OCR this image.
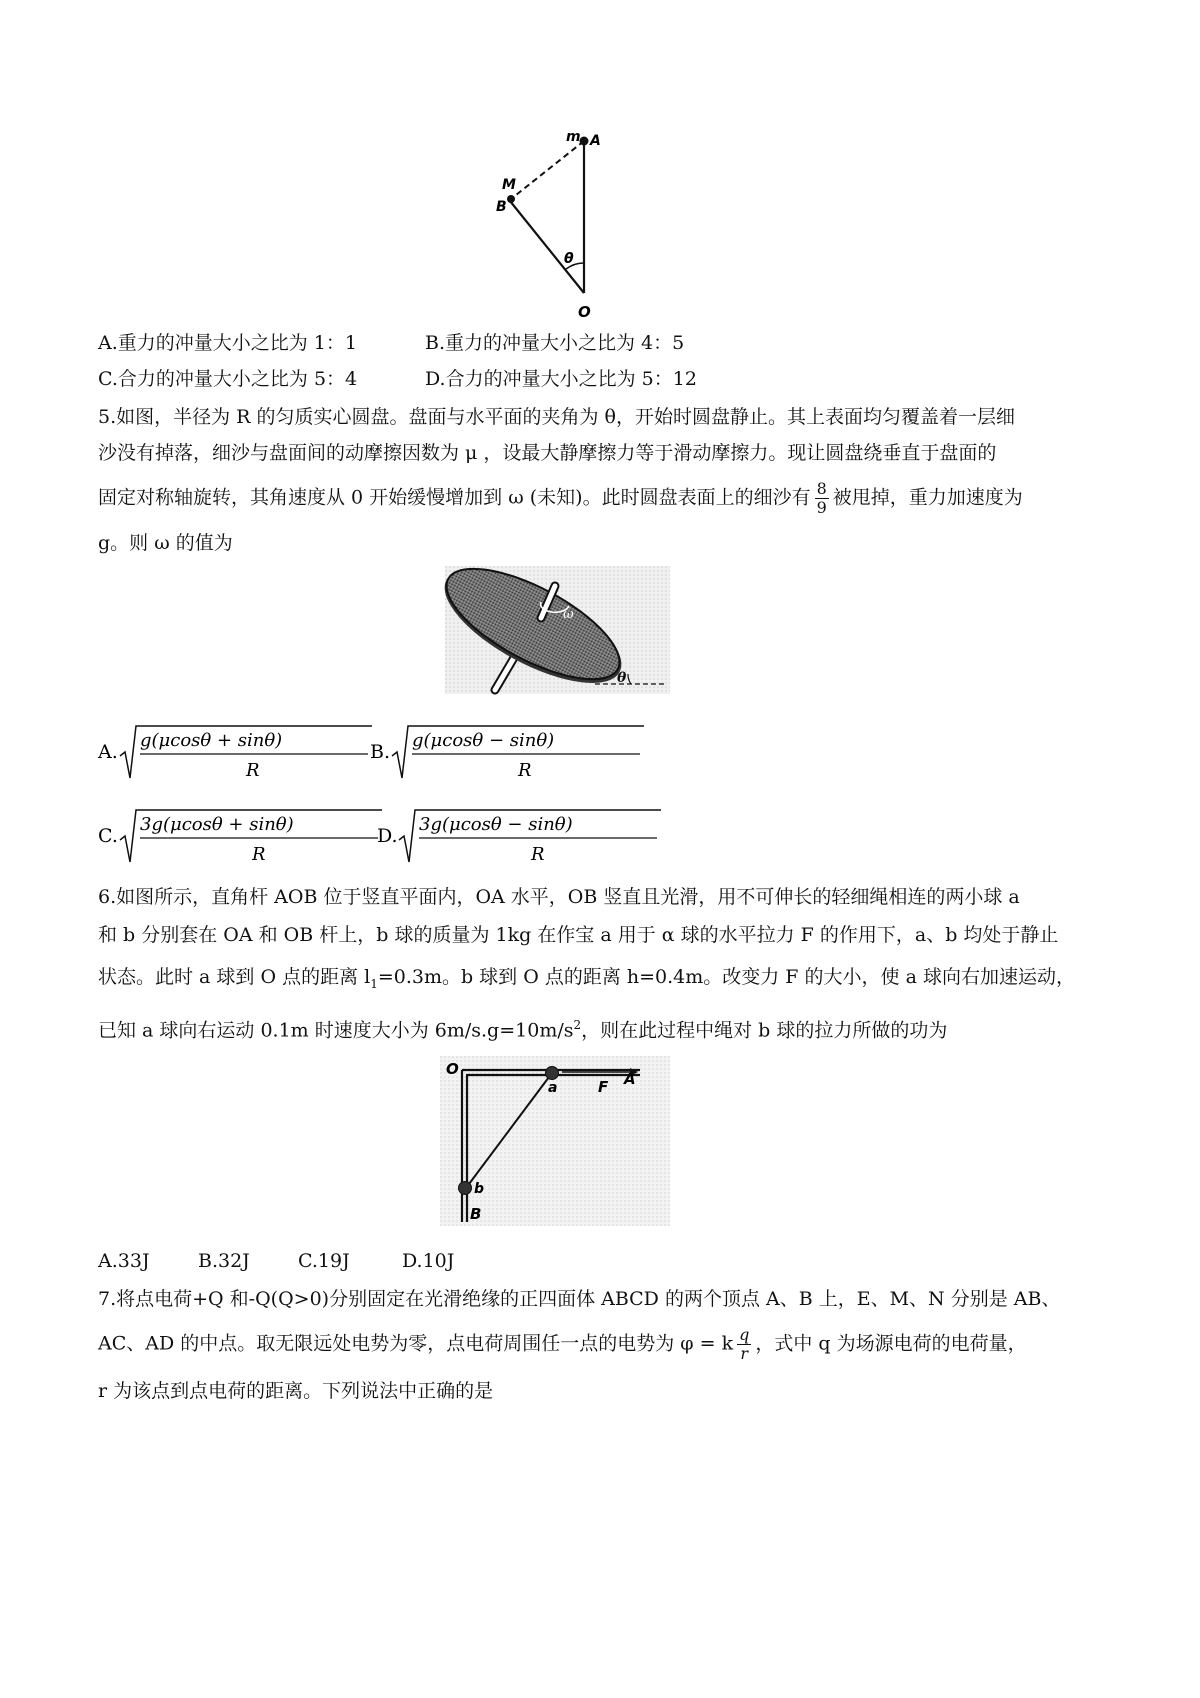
m A
M
B
θ
O
A.重力的冲量大小之比为 1：1	B.重力的冲量大小之比为 4：5
C.合力的冲量大小之比为 5：4	D.合力的冲量大小之比为 5：12
5.如图，半径为 R 的匀质实心圆盘。盘面与水平面的夹角为 θ，开始时圆盘静止。其上表面均匀覆盖着一层细
沙没有掉落，细沙与盘面间的动摩擦因数为 μ ，设最大静摩擦力等于滑动摩擦力。现让圆盘绕垂直于盘面的
固定对称轴旋转，其角速度从 0 开始缓慢增加到 ω (未知)。此时圆盘表面上的细沙有 $\frac{8}{9}$ 被甩掉，重力加速度为
g。则 ω 的值为
ω
θ
A.
g(μcosθ + sinθ)
R
B.
g(μcosθ − sinθ)
R
C.
3g(μcosθ + sinθ)
R
D.
3g(μcosθ − sinθ)
R
6.如图所示，直角杆 AOB 位于竖直平面内，OA 水平，OB 竖直且光滑，用不可伸长的轻细绳相连的两小球 a
和 b 分别套在 OA 和 OB 杆上，b 球的质量为 1kg 在作宝 a 用于 α 球的水平拉力 F 的作用下，a、b 均处于静止
状态。此时 a 球到 O 点的距离 $l_1=0.3m$。b 球到 O 点的距离 h=0.4m。改变力 F 的大小，使 a 球向右加速运动，
已知 a 球向右运动 0.1m 时速度大小为 $6m/s.g=10m/s^2$，则在此过程中绳对 b 球的拉力所做的功为
O
a	F A
b
B
A.33J	B.32J	C.19J	D.10J
7.将点电荷+Q 和-Q(Q>0)分别固定在光滑绝缘的正四面体 ABCD 的两个顶点 A、B 上，E、M、N 分别是 AB、
AC、AD 的中点。取无限远处电势为零，点电荷周围任一点的电势为 φ = k $\frac{q}{r}$ ，式中 q 为场源电荷的电荷量，
r 为该点到点电荷的距离。下列说法中正确的是
